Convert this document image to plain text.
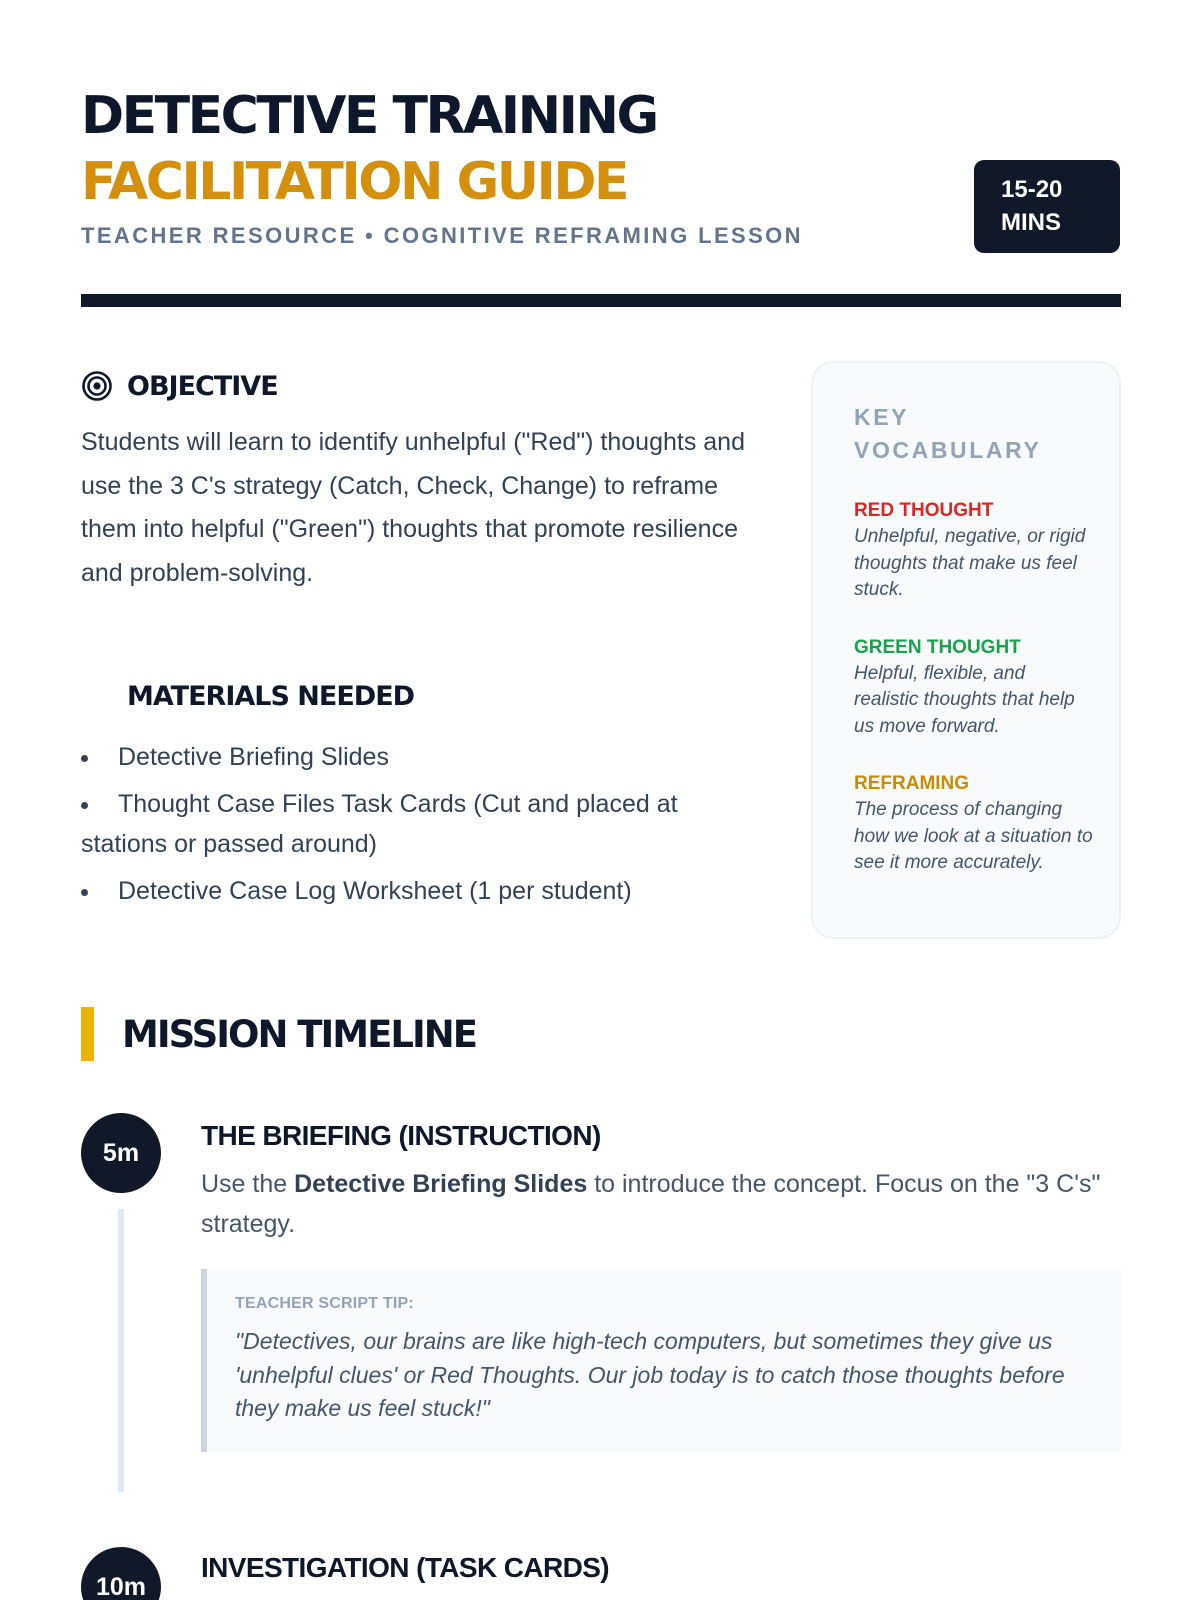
DETECTIVE TRAINING
FACILITATION GUIDE
TEACHER RESOURCE • COGNITIVE REFRAMING LESSON
15-20
MINS
OBJECTIVE

Students will learn to identify unhelpful ("Red") thoughts and use the 3 C's strategy (Catch, Check, Change) to reframe them into helpful ("Green") thoughts that promote resilience and problem-solving.

MATERIALS NEEDED
Detective Briefing Slides
Thought Case Files Task Cards (Cut and placed at
stations or passed around)
Detective Case Log Worksheet (1 per student)
KEY VOCABULARY
RED THOUGHT
Unhelpful, negative, or rigid thoughts that make us feel stuck.
GREEN THOUGHT
Helpful, flexible, and realistic thoughts that help us move forward.
REFRAMING
The process of changing how we look at a situation to see it more accurately.
MISSION TIMELINE
5m
THE BRIEFING (INSTRUCTION)

Use the Detective Briefing Slides to introduce the concept. Focus on the "3 C's" strategy.

TEACHER SCRIPT TIP:

"Detectives, our brains are like high-tech computers, but sometimes they give us 'unhelpful clues' or Red Thoughts. Our job today is to catch those thoughts before they make us feel stuck!"

10m
INVESTIGATION (TASK CARDS)
